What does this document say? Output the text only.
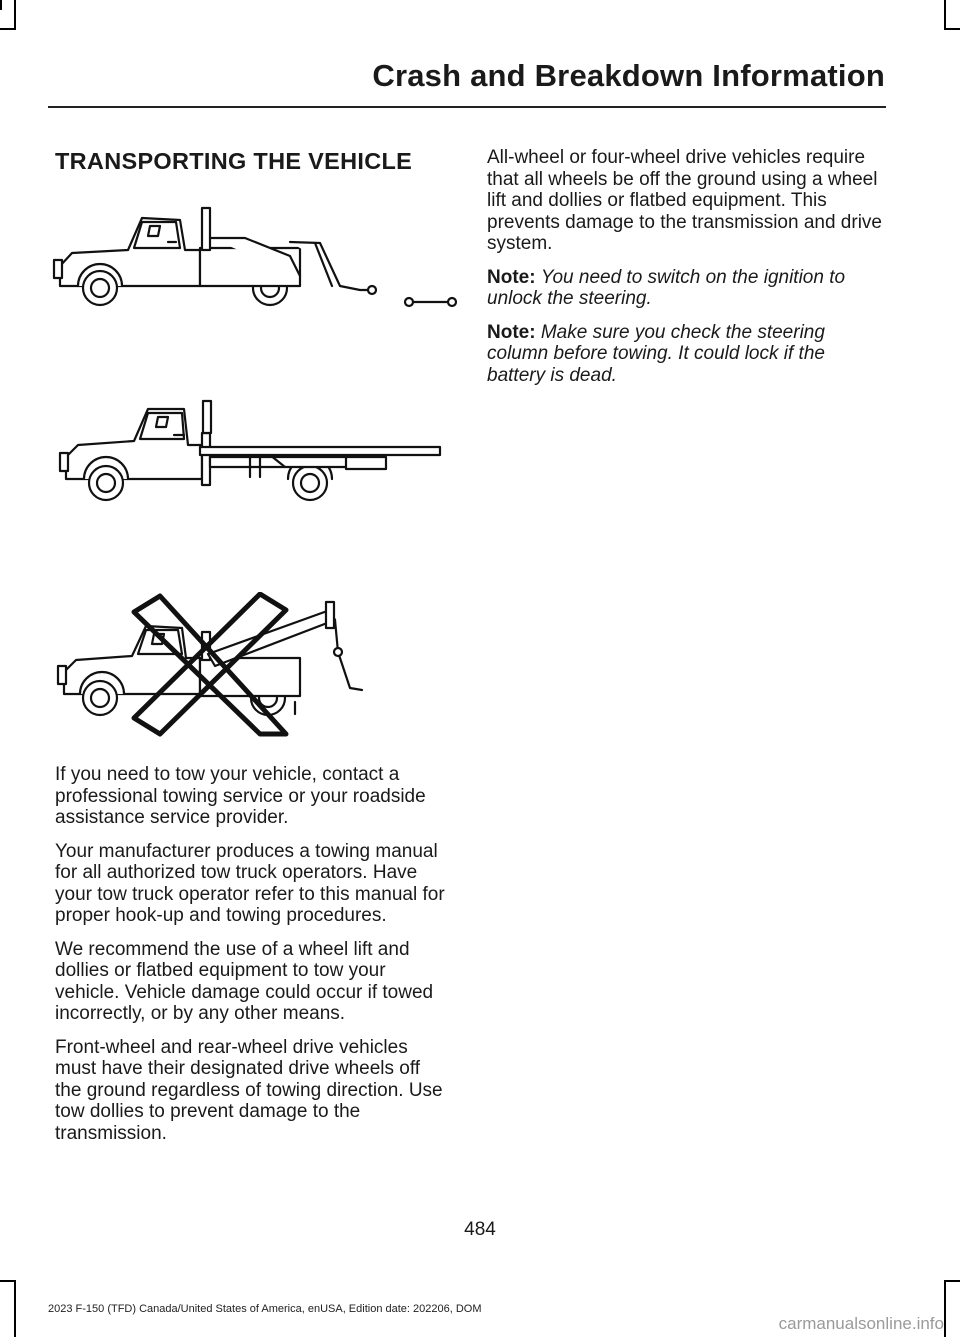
Crash and Breakdown Information
TRANSPORTING THE VEHICLE

If you need to tow your vehicle, contact a professional towing service or your roadside assistance service provider.

Your manufacturer produces a towing manual for all authorized tow truck operators. Have your tow truck operator refer to this manual for proper hook-up and towing procedures.

We recommend the use of a wheel lift and dollies or flatbed equipment to tow your vehicle. Vehicle damage could occur if towed incorrectly, or by any other means.

Front-wheel and rear-wheel drive vehicles must have their designated drive wheels off the ground regardless of towing direction. Use tow dollies to prevent damage to the transmission.

All-wheel or four-wheel drive vehicles require that all wheels be off the ground using a wheel lift and dollies or flatbed equipment. This prevents damage to the transmission and drive system.

Note: You need to switch on the ignition to unlock the steering.

Note: Make sure you check the steering column before towing. It could lock if the battery is dead.

484
2023 F-150 (TFD) Canada/United States of America, enUSA, Edition date: 202206, DOM
carmanualsonline.info
